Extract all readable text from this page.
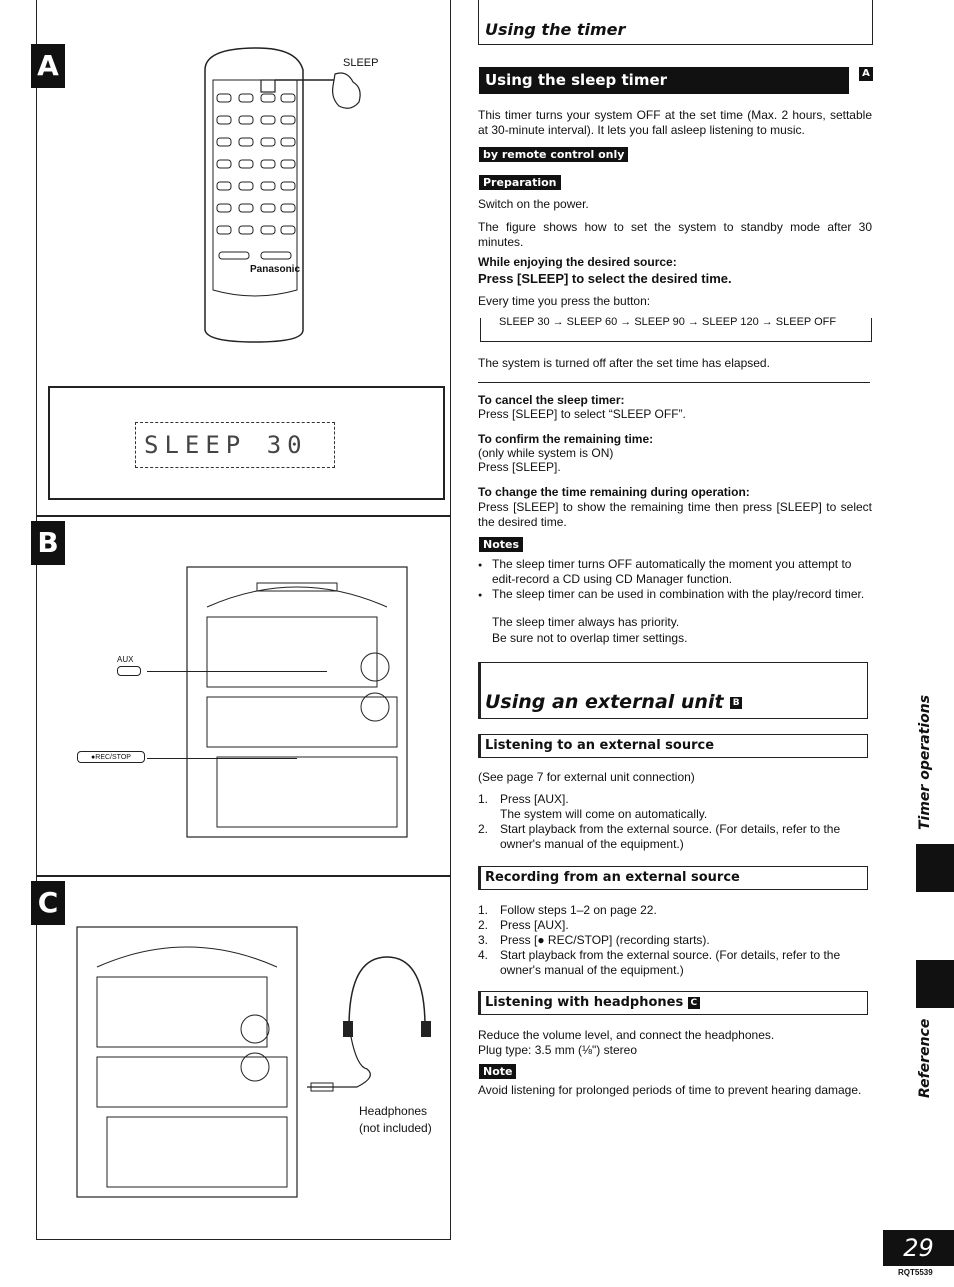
A	SLEEP
Panasonic
SLEEP 30
B
AUX
●REC/STOP
C
Headphones
(not included)
Using the timer
Using the sleep timer	A
This timer turns your system OFF at the set time (Max. 2 hours, settable at 30-minute interval). It lets you fall asleep listening to music.
by remote control only
Preparation
Switch on the power.
The figure shows how to set the system to standby mode after 30 minutes.
While enjoying the desired source:
Press [SLEEP] to select the desired time.
Every time you press the button:
SLEEP 30 → SLEEP 60 → SLEEP 90 → SLEEP 120 → SLEEP OFF
The system is turned off after the set time has elapsed.
To cancel the sleep timer:
Press [SLEEP] to select “SLEEP OFF”.
To confirm the remaining time:
(only while system is ON)
Press [SLEEP].
To change the time remaining during operation:
Press [SLEEP] to show the remaining time then press [SLEEP] to select the desired time.
Notes
● The sleep timer turns OFF automatically the moment you attempt to edit-record a CD using CD Manager function.
● The sleep timer can be used in combination with the play/record timer.
The sleep timer always has priority.
Be sure not to overlap timer settings.
Using an external unit B
Listening to an external source
(See page 7 for external unit connection)
1. Press [AUX].
The system will come on automatically.
2. Start playback from the external source. (For details, refer to the owner's manual of the equipment.)
Recording from an external source
1. Follow steps 1–2 on page 22.
2. Press [AUX].
3. Press [● REC/STOP] (recording starts).
4. Start playback from the external source. (For details, refer to the owner's manual of the equipment.)
Listening with headphones C
Reduce the volume level, and connect the headphones.
Plug type: 3.5 mm (⅛") stereo
Note
Avoid listening for prolonged periods of time to prevent hearing damage.
Timer operations
Reference
29
RQT5539
